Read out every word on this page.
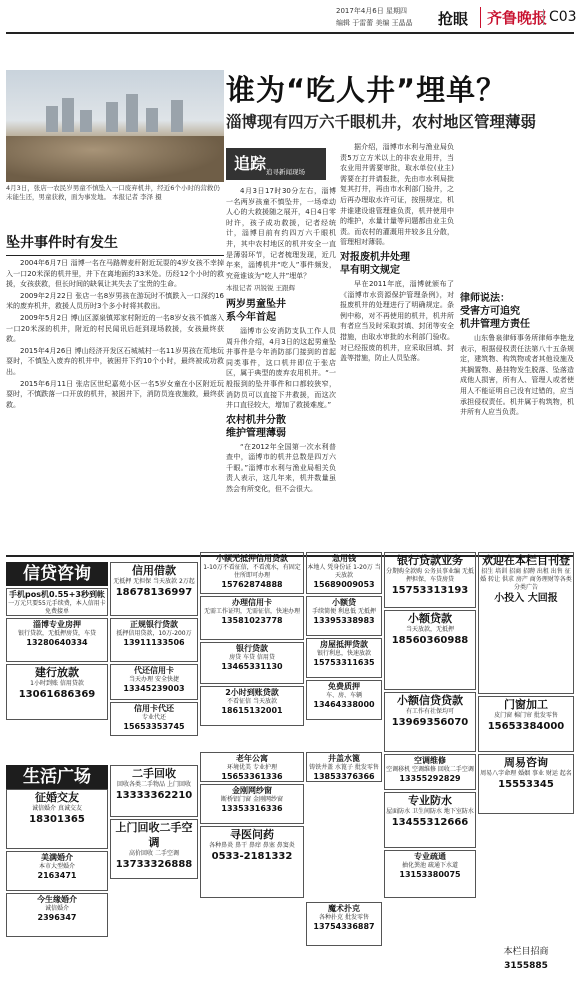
2017年4月6日 星期四
编辑 于雷蕾 美编 王晶晶 抢眼	齐鲁晚报 C03
4月3日，张店一农民岁男童不慎坠入一口废弃机井，经近6个小时的营救仍未能生还，男童获救，面为事发地。 本报记者 李泽 摄
谁为“吃人井”埋单？
淄博现有四万六千眼机井，农村地区管理薄弱
追踪 追寻新闻现场
坠井事件时有发生

2004年6月7日 淄博一名在马路牌麦秆附近玩耍的4岁女孩不幸掉入一口20米深的机井里，井下在离地面约33米处。历经12个小时的救援，女孩获救，但长时间的缺氧让其失去了宝贵的生命。

2009年2月22日 张店一名8岁男孩在游玩时不慎跌入一口深约16米的废弃机井，救援人员历时3个多小时将其救出。

2009年5月2日 博山区源泉镇郑家村附近的一名8岁女孩不慎落入一口20米深的机井，附近的村民闻讯后赶到现场救援，女孩最终获救。

2015年4月26日 博山经济开发区石城城村一名11岁男孩在荒地玩耍时，不慎坠入废弃的机井中，被困井下约10个小时，最终被成功救出。

2015年6月11日 张店区世纪嘉苑小区一名5岁女童在小区附近玩耍时，不慎跌落一口开放的机井，被困井下，消防员连夜施救，最终获救。

4月3日17时30分左右，淄博一名两岁孩童不慎坠井，一场牵动人心的大救援随之展开，4日4日零时许，孩子成功救援，记者经统计，淄博目前有约四万六千眼机井，其中农村地区的机井安全一直是薄弱环节，记者梳理发现，近几年来，淄博机井“吃人”事件频发，究竟谁该为“吃人井”埋单？

本报记者 巩锐锐 王跟辉
两岁男童坠井
系今年首起

淄博市公安消防支队工作人员周升伟介绍，4月3日的这起男童坠井事件是今年消防部门接到的首起同类事件，这口机井即位于张店区，属于典型的废弃农用机井。“一般报到的坠井事件和口都较狭窄，消防员可以直接下井救援，而这次井口直径较大，增加了救援难度。”

农村机井分散
维护管理薄弱

“在2012年全国第一次水利普查中，淄博市的机井总数是四万六千眼。”淄博市水利与渔业局相关负责人表示，这几年来，机井数量虽然会有所变化，但不会很大。

据介绍，淄博市水利与渔业局负责5万立方米以上的非农业用井，当农业用井需要审批，取水单位(业主)需要在打井请报批，先由市水利局批复其打井，再由市水利部门验井，之后再办理取水许可证，按照规定，机井谁建设谁管理谁负责，机井使用中的维护，水量计量等问题都由业主负责。而农村的灌溉用井较多且分散，管理相对薄弱。

对报废机井处理
早有明文规定

早在2011年底，淄博就颁布了《淄博市水资源保护管理条例》，对报废机井的处理进行了明确规定。条例中称，对不再使用的机井，机井所有者应当及时采取封填、封闭等安全措施，由取水审批的水利部门验收。对已经报废的机井，应采取回填、封盖等措施，防止人员坠落。

律师说法：
受害方可追究
机井管理方责任

山东鲁泉律师事务所律师李艳龙表示，根据侵权责任法第八十五条规定，建筑物、构筑物或者其他设施及其搁置物、悬挂物发生脱落、坠落造成他人损害，所有人、管理人或者使用人不能证明自己没有过错的，应当承担侵权责任。机井属于构筑物，机井所有人应当负责。

信贷咨询
生活广场
手机pos机0.55+3秒到帐
一万元只要55元手续费，本人信用卡免费接单
信用借款
无抵押 无担保 当天放款 2万起
18678136997
小额无抵押信用贷款
1-10万不看征信，不看流水，有固定住所即可办理
15762874888
急用钱
本地人 凭身份证 1-20万 当天放款
15689009053
银行贷款业务
分期购全款购 公务员事业编 无抵押担保，车贷房贷
15753313193
欢迎在本栏目刊登
招生 培训 招商 招聘 出租 出售 征婚 转让 供求 房产 商务理财等各类分类广告
小投入 大回报
办理信用卡
无需工作证明，无需征信，快速办理
13581023778
小额贷
手续简便 利息低 无抵押
13395338983
淄博专业房押
银行贷款，无抵押房贷，车贷
13280640334
正规银行贷款
抵押信用贷款，10万-200万
13911133506
建行放款
1小时到账 信用贷款
13061686369
代还信用卡
当天办理 安全快捷
13345239003
银行贷款
房贷 车贷 信用贷
13465331130
房屋抵押贷款
银行利息，快速放款
15753311635
小额贷款
当天放款，无抵押
18560360988
小额信贷贷款
有工作有社保均可
13969356070
免费质押
车、房、车辆
13464338000
2小时到账贷款
不看征信 当天放款
18615132001
信用卡代还
专业代还
15653353745
征婚交友
诚信婚介 真诚交友
18301365
二手回收
回收各类二手物品 上门回收
13333362210
老年公寓
环境优美 专业护理
15653361336
井盖水篦
铸铁井盖 水篦子 批发零售
13853376366
空调维修
空调移机 空调维修 回收二手空调
13355292829
门窗加工
皮门窗 棉门帘 批发零售
15653384000
金刚网纱窗
断桥铝门窗 金刚网纱窗
13353316336
寻医问药
各种鼻炎 鼻干 鼻痒 鼻塞 鼻窦炎
0533-2181332
专业防水
屋面防水 卫生间防水 地下室防水
13455312666
周易咨询
周易八字命理 婚姻 事业 财运 起名
15553345
美满婚介
本市大型婚介
2163471
今生缘婚介
诚信婚介
2396347
魔术扑克
各种扑克 批发零售
13754336887
专业疏通
抽化粪池 疏通下水道
13153380075
上门回收二手空调
高价回收 二手空调
13733326888
本栏目招商
3155885
